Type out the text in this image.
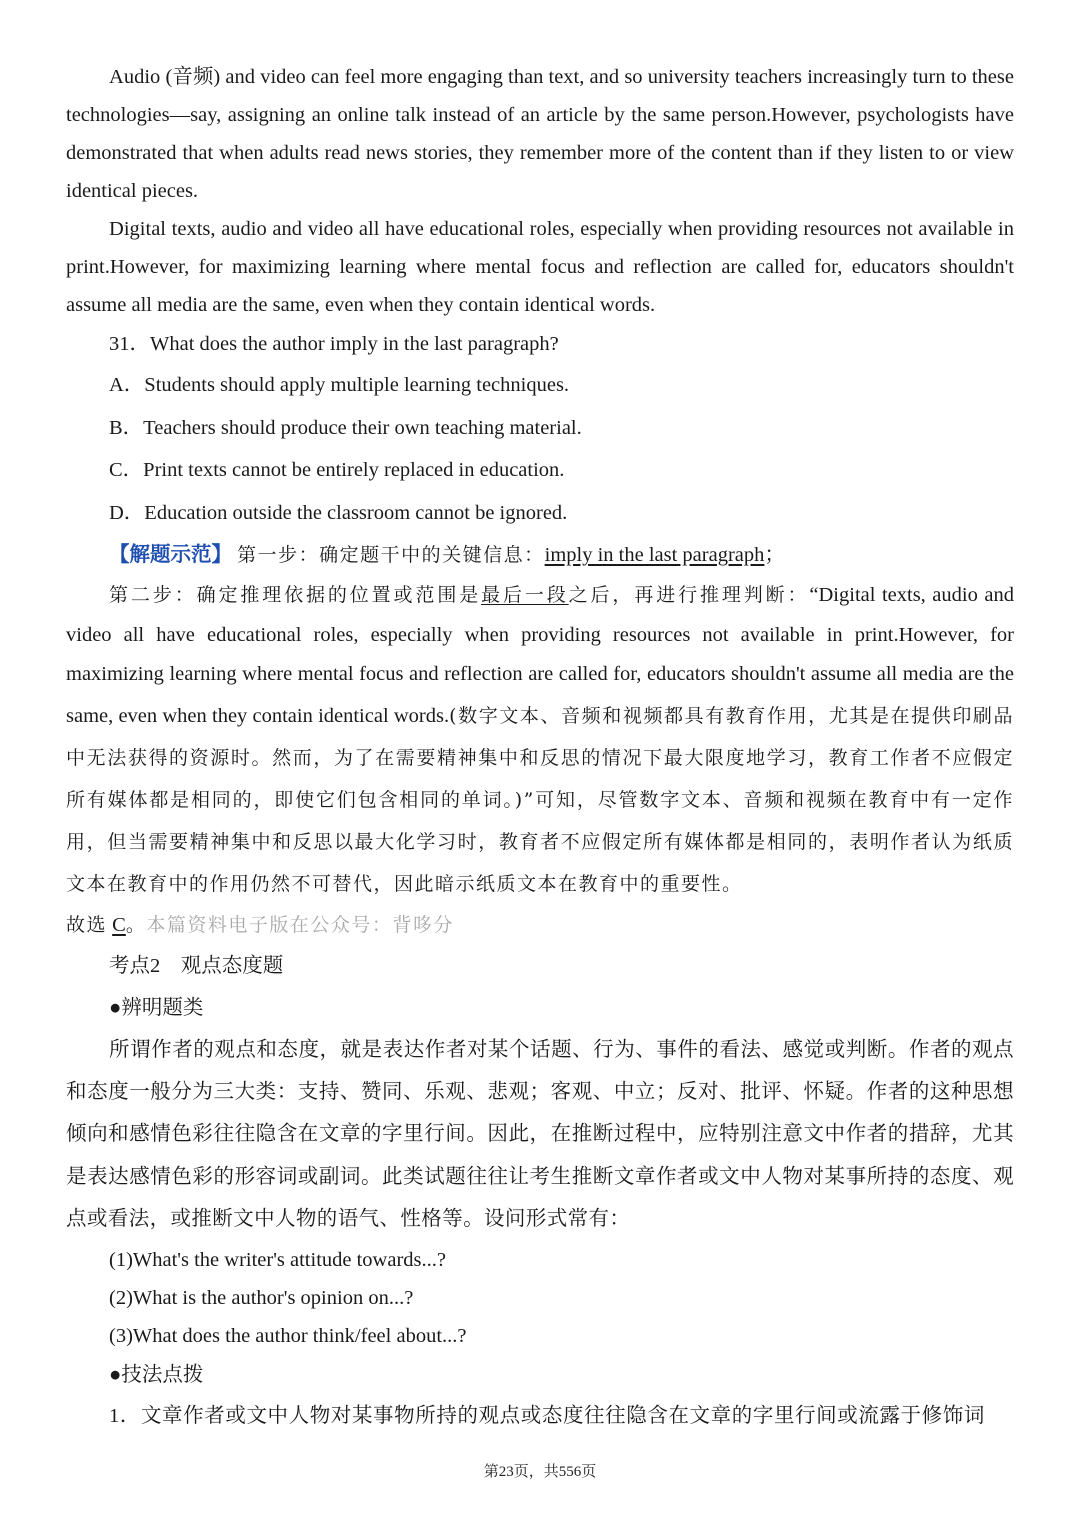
Audio (音频) and video can feel more engaging than text, and so university teachers increasingly turn to these technologies—say, assigning an online talk instead of an article by the same person.However, psychologists have demonstrated that when adults read news stories, they remember more of the content than if they listen to or view identical pieces.

Digital texts, audio and video all have educational roles, especially when providing resources not available in print.However, for maximizing learning where mental focus and reflection are called for, educators shouldn't assume all media are the same, even when they contain identical words.

31．What does the author imply in the last paragraph?

A．Students should apply multiple learning techniques.

B．Teachers should produce their own teaching material.

C．Print texts cannot be entirely replaced in education.

D．Education outside the classroom cannot be ignored.

【解题示范】 第一步：确定题干中的关键信息：imply in the last paragraph；

第二步：确定推理依据的位置或范围是最后一段之后，再进行推理判断：“Digital texts, audio and video all have educational roles, especially when providing resources not available in print.However, for maximizing learning where mental focus and reflection are called for, educators shouldn't assume all media are the same, even when they contain identical words.(数字文本、音频和视频都具有教育作用，尤其是在提供印刷品中无法获得的资源时。然而，为了在需要精神集中和反思的情况下最大限度地学习，教育工作者不应假定所有媒体都是相同的，即使它们包含相同的单词。)”可知，尽管数字文本、音频和视频在教育中有一定作用，但当需要精神集中和反思以最大化学习时，教育者不应假定所有媒体都是相同的，表明作者认为纸质文本在教育中的作用仍然不可替代，因此暗示纸质文本在教育中的重要性。

故选 C。本篇资料电子版在公众号：背哆分

考点2　观点态度题

●辨明题类

所谓作者的观点和态度，就是表达作者对某个话题、行为、事件的看法、感觉或判断。作者的观点和态度一般分为三大类：支持、赞同、乐观、悲观；客观、中立；反对、批评、怀疑。作者的这种思想倾向和感情色彩往往隐含在文章的字里行间。因此，在推断过程中，应特别注意文中作者的措辞，尤其是表达感情色彩的形容词或副词。此类试题往往让考生推断文章作者或文中人物对某事所持的态度、观点或看法，或推断文中人物的语气、性格等。设问形式常有：

(1)What's the writer's attitude towards...?

(2)What is the author's opinion on...?

(3)What does the author think/feel about...?

●技法点拨

1．文章作者或文中人物对某事物所持的观点或态度往往隐含在文章的字里行间或流露于修饰词

第23页，共556页
